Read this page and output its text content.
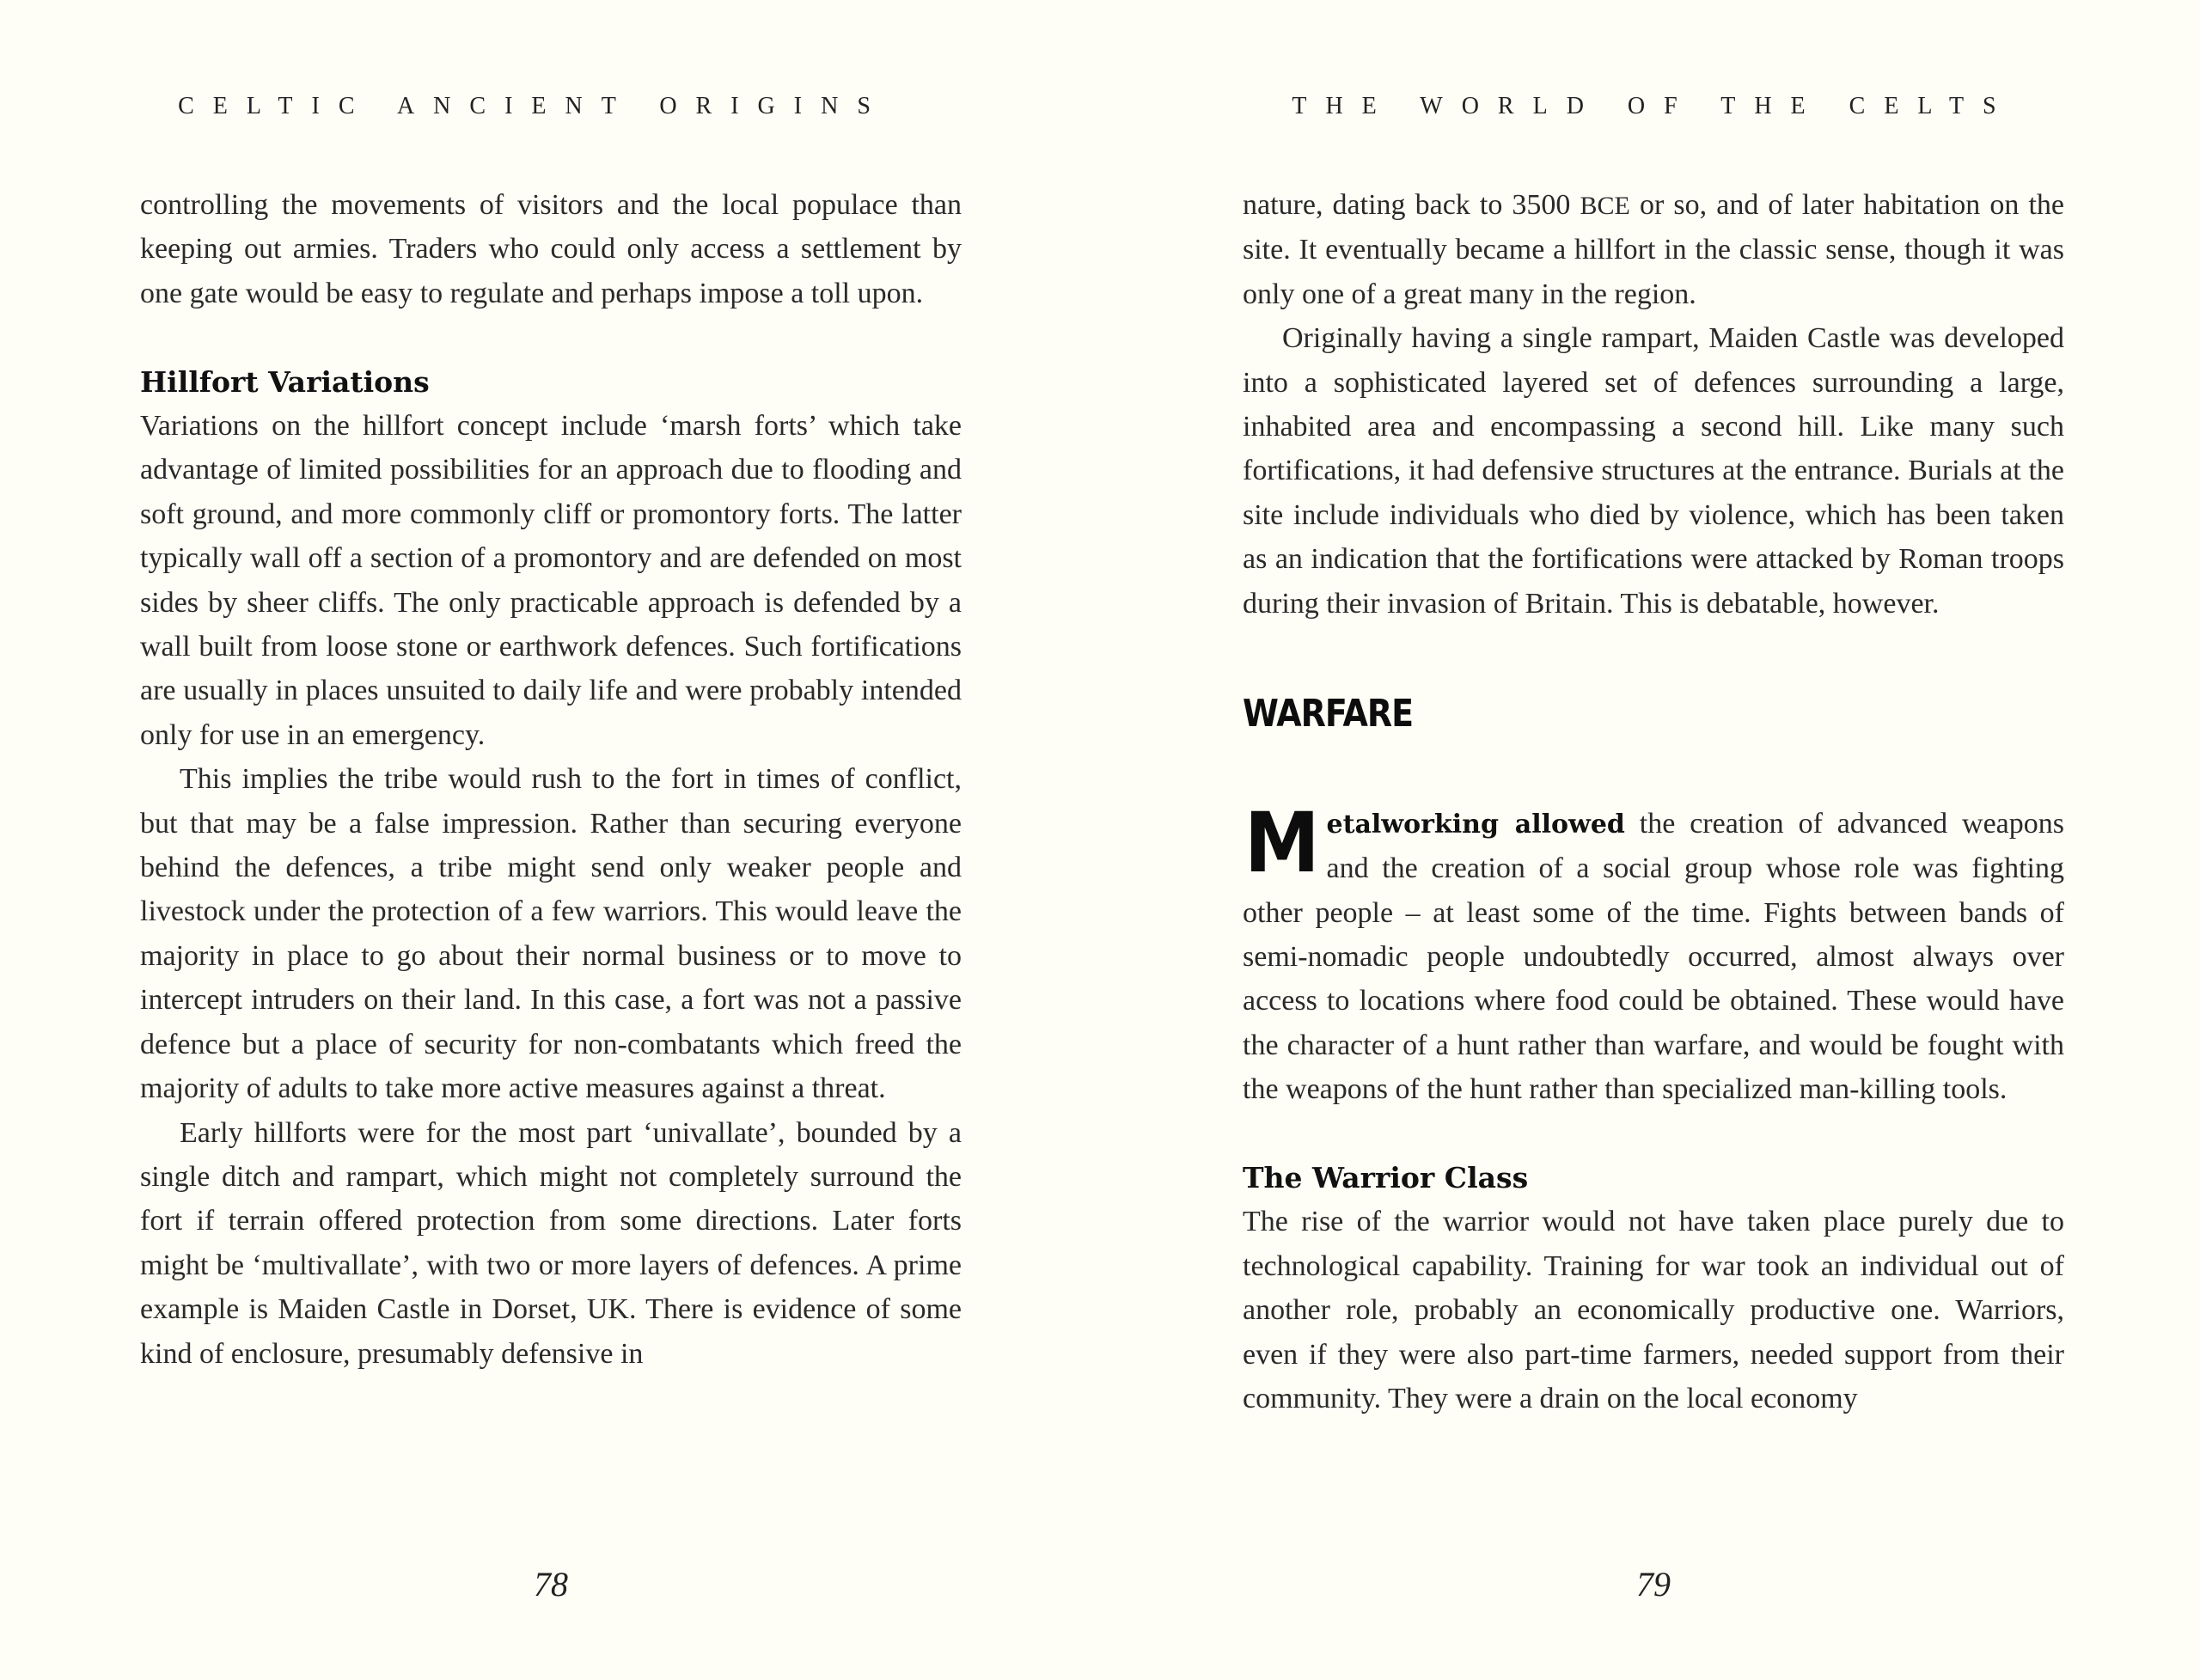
CELTIC ANCIENT ORIGINS

controlling the movements of visitors and the local populace than keeping out armies. Traders who could only access a settlement by one gate would be easy to regulate and perhaps impose a toll upon.

Hillfort Variations

Variations on the hillfort concept include ‘marsh forts’ which take advantage of limited possibilities for an approach due to flooding and soft ground, and more commonly cliff or promontory forts. The latter typically wall off a section of a promontory and are defended on most sides by sheer cliffs. The only practicable approach is defended by a wall built from loose stone or earthwork defences. Such fortifications are usually in places unsuited to daily life and were probably intended only for use in an emergency.

This implies the tribe would rush to the fort in times of conflict, but that may be a false impression. Rather than securing everyone behind the defences, a tribe might send only weaker people and livestock under the protection of a few warriors. This would leave the majority in place to go about their normal business or to move to intercept intruders on their land. In this case, a fort was not a passive defence but a place of security for non-combatants which freed the majority of adults to take more active measures against a threat.

Early hillforts were for the most part ‘univallate’, bounded by a single ditch and rampart, which might not completely surround the fort if terrain offered protection from some directions. Later forts might be ‘multivallate’, with two or more layers of defences. A prime example is Maiden Castle in Dorset, UK. There is evidence of some kind of enclosure, presumably defensive in

78
THE WORLD OF THE CELTS

nature, dating back to 3500 BCE or so, and of later habitation on the site. It eventually became a hillfort in the classic sense, though it was only one of a great many in the region.

Originally having a single rampart, Maiden Castle was developed into a sophisticated layered set of defences surrounding a large, inhabited area and encompassing a second hill. Like many such fortifications, it had defensive structures at the entrance. Burials at the site include individuals who died by violence, which has been taken as an indication that the fortifications were attacked by Roman troops during their invasion of Britain. This is debatable, however.

WARFARE

Metalworking allowed the creation of advanced weapons and the creation of a social group whose role was fighting other people – at least some of the time. Fights between bands of semi-nomadic people undoubtedly occurred, almost always over access to locations where food could be obtained. These would have the character of a hunt rather than warfare, and would be fought with the weapons of the hunt rather than specialized man-killing tools.

The Warrior Class

The rise of the warrior would not have taken place purely due to technological capability. Training for war took an individual out of another role, probably an economically productive one. Warriors, even if they were also part-time farmers, needed support from their community. They were a drain on the local economy

79
